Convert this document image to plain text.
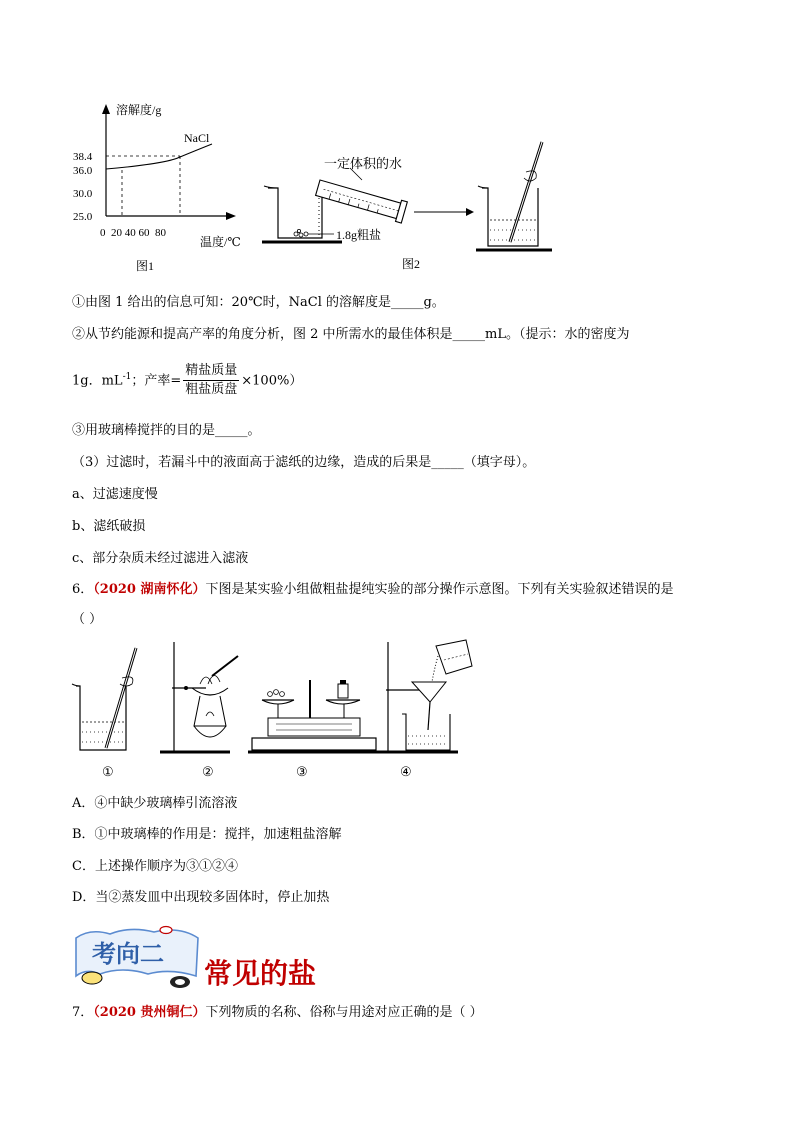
溶解度/g
NaCl
38.4
36.0
30.0
25.0
0  20 40 60  80
温度/℃
图1
一定体积的水
1.8g粗盐
图2
①由图 1 给出的信息可知：20℃时，NaCl 的溶解度是_____g。
②从节约能源和提高产率的角度分析，图 2 中所需水的最佳体积是_____mL。（提示：水的密度为
1g．$mL^{-1}$；产率= $\frac{\text{精盐质量}}{\text{粗盐质盘}} \times 100\%$）
③用玻璃棒搅拌的目的是_____。
（3）过滤时，若漏斗中的液面高于滤纸的边缘，造成的后果是_____（填字母）。
a、过滤速度慢
b、滤纸破损
c、部分杂质未经过滤进入滤液
6．（2020 湖南怀化）下图是某实验小组做粗盐提纯实验的部分操作示意图。下列有关实验叙述错误的是
（ ）
①	②	③	④
A．④中缺少玻璃棒引流溶液
B．①中玻璃棒的作用是：搅拌，加速粗盐溶解
C．上述操作顺序为③①②④
D．当②蒸发皿中出现较多固体时，停止加热
考向二
常见的盐
7．（2020 贵州铜仁）下列物质的名称、俗称与用途对应正确的是（ ）
